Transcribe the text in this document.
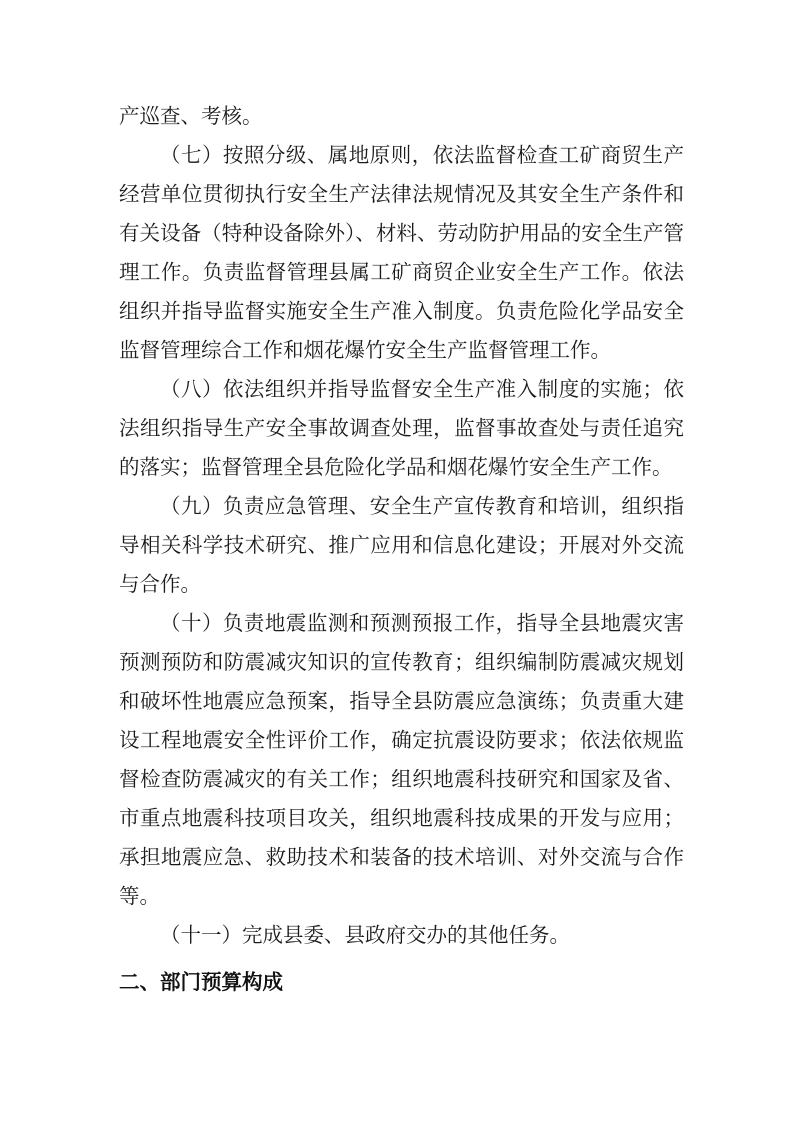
产巡查、考核。

（七）按照分级、属地原则，依法监督检查工矿商贸生产经营单位贯彻执行安全生产法律法规情况及其安全生产条件和有关设备（特种设备除外）、材料、劳动防护用品的安全生产管理工作。负责监督管理县属工矿商贸企业安全生产工作。依法组织并指导监督实施安全生产准入制度。负责危险化学品安全监督管理综合工作和烟花爆竹安全生产监督管理工作。

（八）依法组织并指导监督安全生产准入制度的实施；依法组织指导生产安全事故调查处理，监督事故查处与责任追究的落实；监督管理全县危险化学品和烟花爆竹安全生产工作。

（九）负责应急管理、安全生产宣传教育和培训，组织指导相关科学技术研究、推广应用和信息化建设；开展对外交流与合作。

（十）负责地震监测和预测预报工作，指导全县地震灾害预测预防和防震减灾知识的宣传教育；组织编制防震减灾规划和破坏性地震应急预案，指导全县防震应急演练；负责重大建设工程地震安全性评价工作，确定抗震设防要求；依法依规监督检查防震减灾的有关工作；组织地震科技研究和国家及省、市重点地震科技项目攻关，组织地震科技成果的开发与应用；承担地震应急、救助技术和装备的技术培训、对外交流与合作等。

（十一）完成县委、县政府交办的其他任务。

二、部门预算构成
